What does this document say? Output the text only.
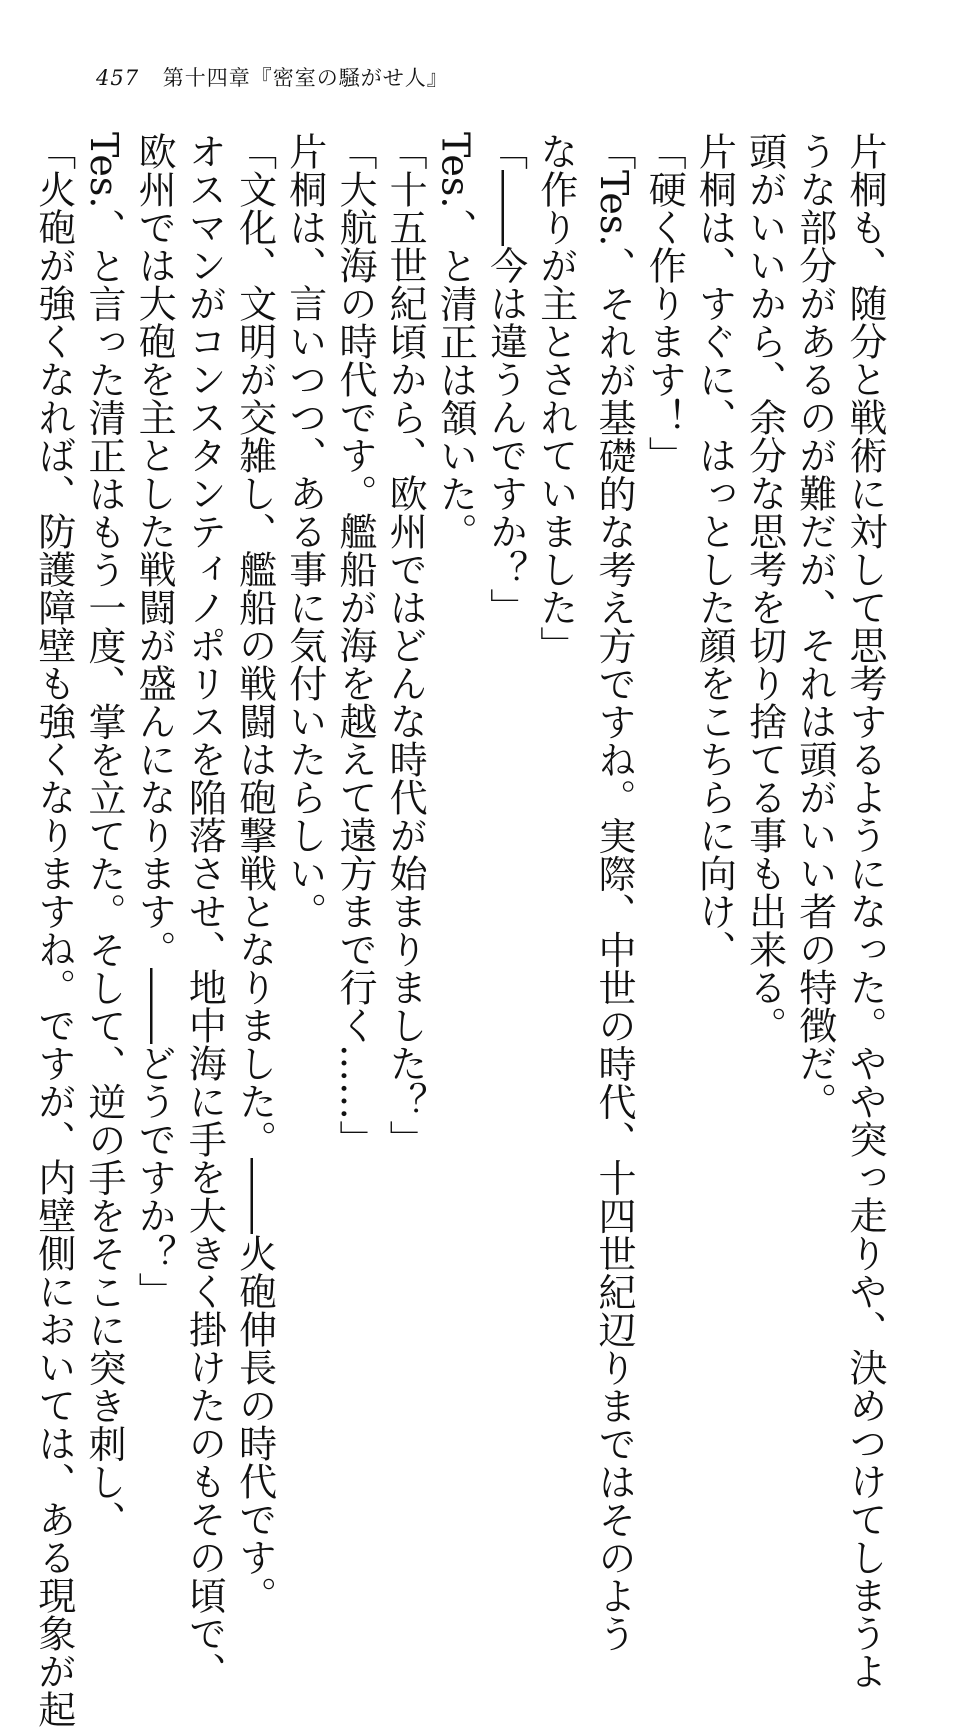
457 第十四章『密室の騒がせ人』
片桐も、随分と戦術に対して思考するようになった。やや突っ走りや、決めつけてしまうよ
うな部分があるのが難だが、それは頭がいい者の特徴だ。
頭がいいから、余分な思考を切り捨てる事も出来る。
片桐は、すぐに、はっとした顔をこちらに向け、
「硬く作ります！」
「Tes.、それが基礎的な考え方ですね。実際、中世の時代、十四世紀辺りまではそのよう
な作りが主とされていました」
「――今は違うんですか？」
Tes.、と清正は頷いた。
「十五世紀頃から、欧州ではどんな時代が始まりました？」
「大航海の時代です。艦船が海を越えて遠方まで行く……」
片桐は、言いつつ、ある事に気付いたらしい。
「文化、文明が交雑し、艦船の戦闘は砲撃戦となりました。――火砲伸長の時代です。
オスマンがコンスタンティノポリスを陥落させ、地中海に手を大きく掛けたのもその頃で、
欧州では大砲を主とした戦闘が盛んになります。――どうですか？」
Tes.、と言った清正はもう一度、掌を立てた。そして、逆の手をそこに突き刺し、
「火砲が強くなれば、防護障壁も強くなりますね。ですが、内壁側においては、ある現象が起
